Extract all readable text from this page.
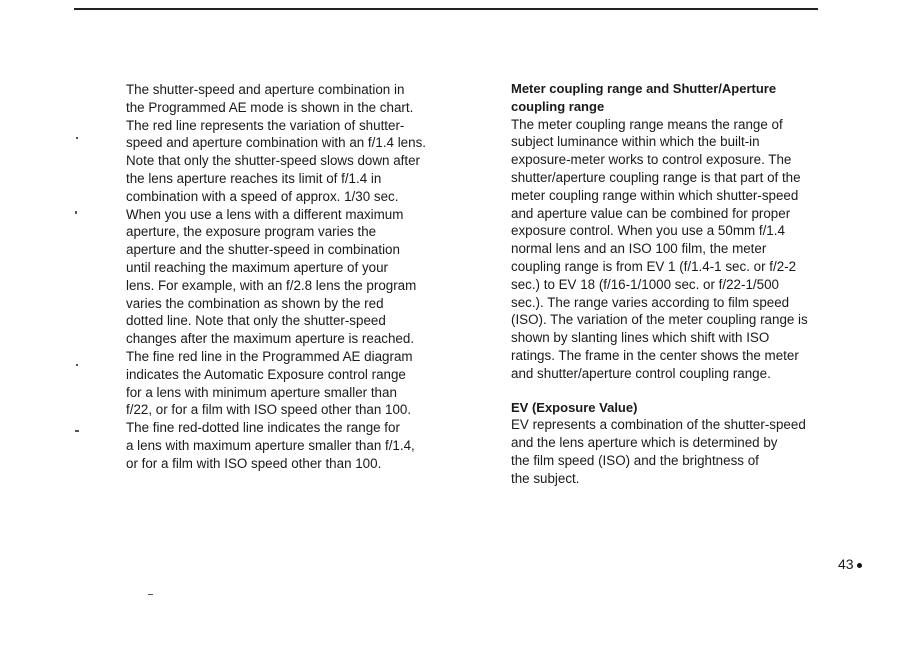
The shutter-speed and aperture combination in
the Programmed AE mode is shown in the chart.
The red line represents the variation of shutter-
speed and aperture combination with an f/1.4 lens.
Note that only the shutter-speed slows down after
the lens aperture reaches its limit of f/1.4 in
combination with a speed of approx. 1/30 sec.
When you use a lens with a different maximum
aperture, the exposure program varies the
aperture and the shutter-speed in combination
until reaching the maximum aperture of your
lens. For example, with an f/2.8 lens the program
varies the combination as shown by the red
dotted line. Note that only the shutter-speed
changes after the maximum aperture is reached.
The fine red line in the Programmed AE diagram
indicates the Automatic Exposure control range
for a lens with minimum aperture smaller than
f/22, or for a film with ISO speed other than 100.
The fine red-dotted line indicates the range for
a lens with maximum aperture smaller than f/1.4,
or for a film with ISO speed other than 100.
Meter coupling range and Shutter/Aperture
coupling range
The meter coupling range means the range of
subject luminance within which the built-in
exposure-meter works to control exposure. The
shutter/aperture coupling range is that part of the
meter coupling range within which shutter-speed
and aperture value can be combined for proper
exposure control. When you use a 50mm f/1.4
normal lens and an ISO 100 film, the meter
coupling range is from EV 1 (f/1.4-1 sec. or f/2-2
sec.) to EV 18 (f/16-1/1000 sec. or f/22-1/500
sec.). The range varies according to film speed
(ISO). The variation of the meter coupling range is
shown by slanting lines which shift with ISO
ratings. The frame in the center shows the meter
and shutter/aperture control coupling range.
EV (Exposure Value)
EV represents a combination of the shutter-speed
and the lens aperture which is determined by
the film speed (ISO) and the brightness of
the subject.
43
